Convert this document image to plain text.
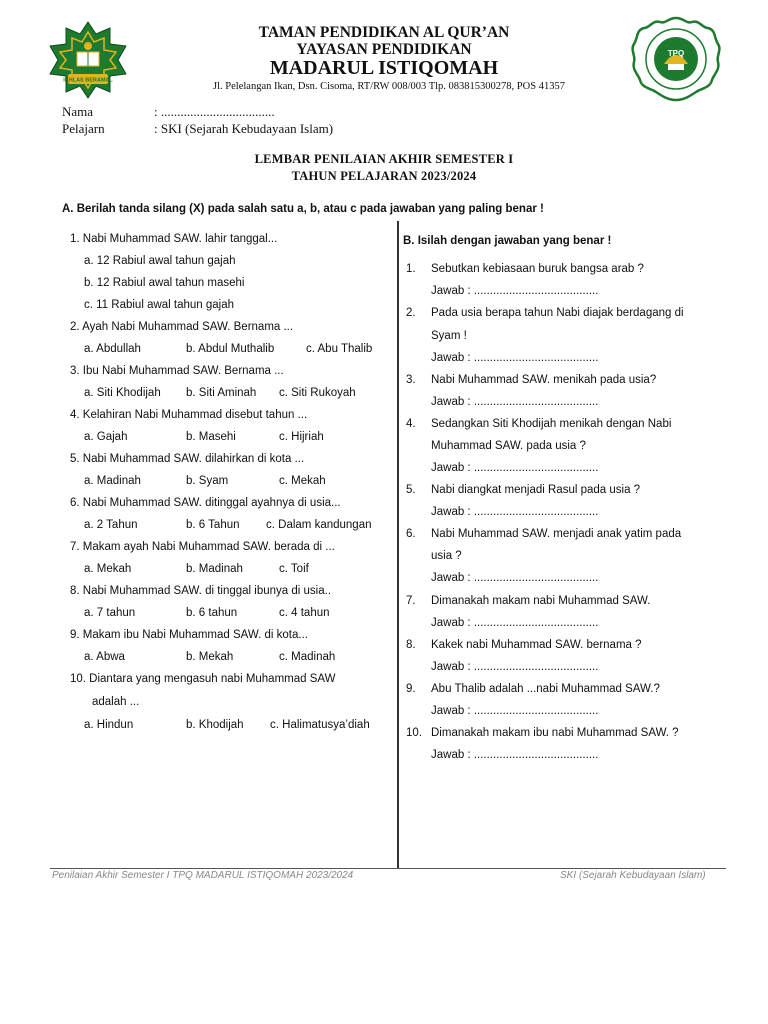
IKHLAS BERAMAL
TAMAN PENDIDIKAN AL QUR’AN
YAYASAN PENDIDIKAN
MADARUL ISTIQOMAH
Jl. Pelelangan Ikan, Dsn. Cisoma, RT/RW 008/003 Tlp. 083815300278, POS 41357
TPQ
Nama	: ...................................
Pelajarn	: SKI (Sejarah Kebudayaan Islam)
LEMBAR PENILAIAN AKHIR SEMESTER I
TAHUN PELAJARAN 2023/2024
A. Berilah tanda silang (X) pada salah satu a, b, atau c pada jawaban yang paling benar !
1. Nabi Muhammad SAW. lahir tanggal...
a. 12 Rabiul awal tahun gajah
b. 12 Rabiul awal tahun masehi
c. 11 Rabiul awal tahun gajah
2. Ayah Nabi Muhammad SAW. Bernama ...
a. Abdullah	b. Abdul Muthalib	c. Abu Thalib
3. Ibu Nabi Muhammad SAW. Bernama ...
a. Siti Khodijah b. Siti Aminah c. Siti Rukoyah
4. Kelahiran Nabi Muhammad disebut tahun ...
a. Gajah	b. Masehi	c. Hijriah
5. Nabi Muhammad SAW. dilahirkan di kota ...
a. Madinah	b. Syam	c. Mekah
6. Nabi Muhammad SAW. ditinggal ayahnya di usia...
a. 2 Tahun	b. 6 Tahun c. Dalam kandungan
7. Makam ayah Nabi Muhammad SAW. berada di ...
a. Mekah	b. Madinah	c. Toif
8. Nabi Muhammad SAW. di tinggal ibunya di usia..
a. 7 tahun	b. 6 tahun	c. 4 tahun
9. Makam ibu Nabi Muhammad SAW. di kota...
a. Abwa	b. Mekah	c. Madinah
10. Diantara yang mengasuh nabi Muhammad SAW
adalah ...
a. Hindun	b. Khodijah c. Halimatusya’diah
B. Isilah dengan jawaban yang benar !
1. Sebutkan kebiasaan buruk bangsa arab ?
Jawab : .......................................
2. Pada usia berapa tahun Nabi diajak berdagang di
Syam !
Jawab : .......................................
3. Nabi Muhammad SAW. menikah pada usia?
Jawab : .......................................
4. Sedangkan Siti Khodijah menikah dengan Nabi
Muhammad SAW. pada usia ?
Jawab : .......................................
5. Nabi diangkat menjadi Rasul pada usia ?
Jawab : .......................................
6. Nabi Muhammad SAW. menjadi anak yatim pada
usia ?
Jawab : .......................................
7. Dimanakah makam nabi Muhammad SAW.
Jawab : .......................................
8. Kakek nabi Muhammad SAW. bernama ?
Jawab : .......................................
9. Abu Thalib adalah ...nabi Muhammad SAW.?
Jawab : .......................................
10. Dimanakah makam ibu nabi Muhammad SAW. ?
Jawab : .......................................
Penilaian Akhir Semester I TPQ MADARUL ISTIQOMAH 2023/2024	SKI (Sejarah Kebudayaan Islam)
